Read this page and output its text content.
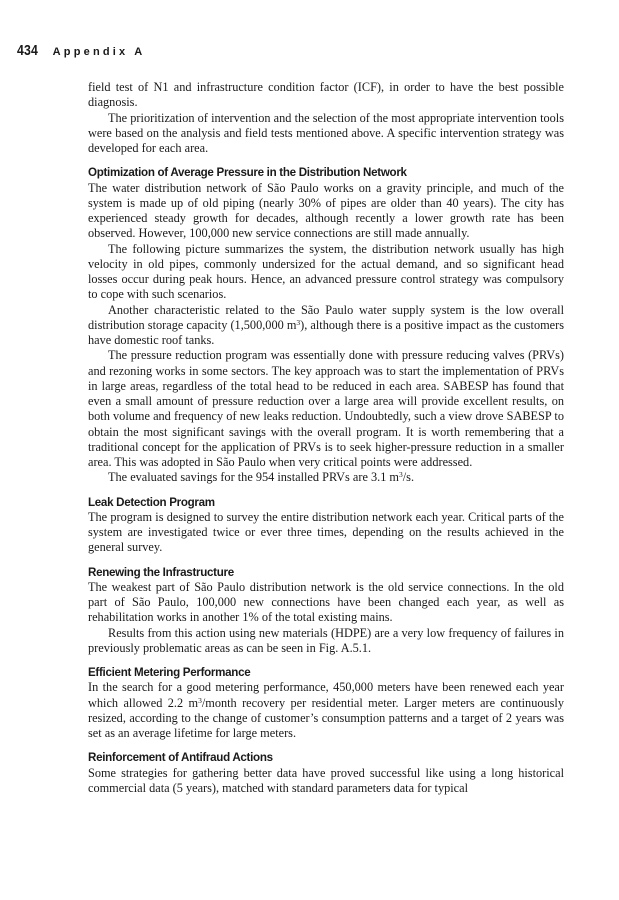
434 Appendix A

field test of N1 and infrastructure condition factor (ICF), in order to have the best possible diagnosis.

The prioritization of intervention and the selection of the most appropriate intervention tools were based on the analysis and field tests mentioned above. A specific intervention strategy was developed for each area.

Optimization of Average Pressure in the Distribution Network

The water distribution network of São Paulo works on a gravity principle, and much of the system is made up of old piping (nearly 30% of pipes are older than 40 years). The city has experienced steady growth for decades, although recently a lower growth rate has been observed. However, 100,000 new service connections are still made annually.

The following picture summarizes the system, the distribution network usually has high velocity in old pipes, commonly undersized for the actual demand, and so significant head losses occur during peak hours. Hence, an advanced pressure control strategy was compulsory to cope with such scenarios.

Another characteristic related to the São Paulo water supply system is the low overall distribution storage capacity (1,500,000 $m^3$), although there is a positive impact as the customers have domestic roof tanks.

The pressure reduction program was essentially done with pressure reducing valves (PRVs) and rezoning works in some sectors. The key approach was to start the implementation of PRVs in large areas, regardless of the total head to be reduced in each area. SABESP has found that even a small amount of pressure reduction over a large area will provide excellent results, on both volume and frequency of new leaks reduction. Undoubtedly, such a view drove SABESP to obtain the most significant savings with the overall program. It is worth remembering that a traditional concept for the application of PRVs is to seek higher-pressure reduction in a smaller area. This was adopted in São Paulo when very critical points were addressed.

The evaluated savings for the 954 installed PRVs are 3.1 $m^3/s$.

Leak Detection Program

The program is designed to survey the entire distribution network each year. Critical parts of the system are investigated twice or ever three times, depending on the results achieved in the general survey.

Renewing the Infrastructure

The weakest part of São Paulo distribution network is the old service connections. In the old part of São Paulo, 100,000 new connections have been changed each year, as well as rehabilitation works in another 1% of the total existing mains.

Results from this action using new materials (HDPE) are a very low frequency of failures in previously problematic areas as can be seen in Fig. A.5.1.

Efficient Metering Performance

In the search for a good metering performance, 450,000 meters have been renewed each year which allowed 2.2 $m^3$/month recovery per residential meter. Larger meters are continuously resized, according to the change of customer’s consumption patterns and a target of 2 years was set as an average lifetime for large meters.

Reinforcement of Antifraud Actions

Some strategies for gathering better data have proved successful like using a long historical commercial data (5 years), matched with standard parameters data for typical
